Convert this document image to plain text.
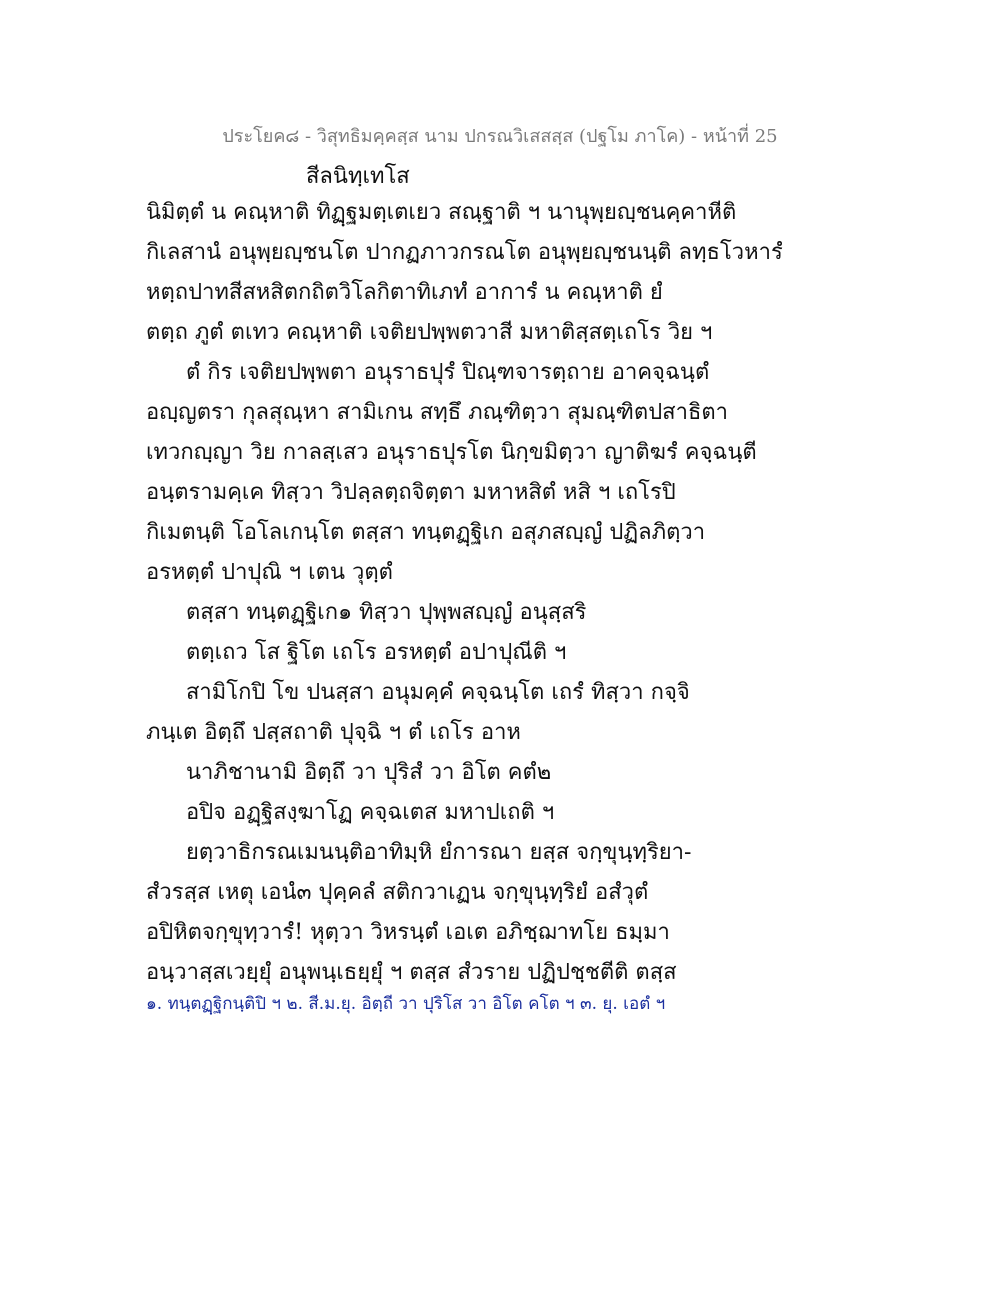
ประโยค๘ - วิสุทธิมคฺคสฺส นาม ปกรณวิเสสสฺส (ปฐโม ภาโค) - หน้าที่ 25
สีลนิทฺเทโส
นิมิตฺตํ น คณฺหาติ ทิฏฺฐมตฺเตเยว สณฺฐาติ ฯ นานุพฺยญฺชนคฺคาหีติ
กิเลสานํ อนุพฺยญฺชนโต ปากฏภาวกรณโต อนุพฺยญฺชนนฺติ ลทฺธโวหารํ
หตฺถปาทสีสหสิตกถิตวิโลกิตาทิเภทํ อาการํ น คณฺหาติ ยํ
ตตฺถ ภูตํ ตเทว คณฺหาติ เจติยปพฺพตวาสี มหาติสฺสตฺเถโร วิย ฯ
ตํ กิร เจติยปพฺพตา อนุราธปุรํ ปิณฺฑจารตฺถาย อาคจฺฉนฺตํ
อญฺญตรา กุลสุณฺหา สามิเกน สทฺธึ ภณฺฑิตฺวา สุมณฺฑิตปสาธิตา
เทวกญฺญา วิย กาลสฺเสว อนุราธปุรโต นิกฺขมิตฺวา ญาติฆรํ คจฺฉนฺตี
อนฺตรามคฺเค ทิสฺวา วิปลฺลตฺถจิตฺตา มหาหสิตํ หสิ ฯ เถโรปิ
กิเมตนฺติ โอโลเกนฺโต ตสฺสา ทนฺตฏฺฐิเก อสุภสญฺญํ ปฏิลภิตฺวา
อรหตฺตํ ปาปุณิ ฯ เตน วุตฺตํ
ตสฺสา ทนฺตฏฺฐิเก๑ ทิสฺวา ปุพฺพสญฺญํ อนุสฺสริ
ตตฺเถว โส ฐิโต เถโร อรหตฺตํ อปาปุณีติ ฯ
สามิโกปิ โข ปนสฺสา อนุมคฺคํ คจฺฉนฺโต เถรํ ทิสฺวา กจฺจิ
ภนฺเต อิตฺถึ ปสฺสถาติ ปุจฺฉิ ฯ ตํ เถโร อาห
นาภิชานามิ อิตฺถึ วา ปุริสํ วา อิโต คตํ๒
อปิจ อฏฺฐิสงฺฆาโฏ คจฺฉเตส มหาปเถติ ฯ
ยตฺวาธิกรณเมนนฺติอาทิมฺหิ ยํการณา ยสฺส จกฺขุนฺทฺริยา-
สํวรสฺส เหตุ เอนํ๓ ปุคฺคลํ สติกวาเฏน จกฺขุนฺทฺริยํ อสํวุตํ
อปิหิตจกฺขุทฺวารํ! หุตฺวา วิหรนฺตํ เอเต อภิชฺฌาทโย ธมฺมา
อนฺวาสฺสเวยฺยุํ อนุพนฺเธยฺยุํ ฯ ตสฺส สํวราย ปฏิปชฺชตีติ ตสฺส
๑. ทนฺตฏฺฐิกนฺติปิ ฯ ๒. สี.ม.ยุ. อิตฺถี วา ปุริโส วา อิโต คโต ฯ ๓. ยุ. เอตํ ฯ
